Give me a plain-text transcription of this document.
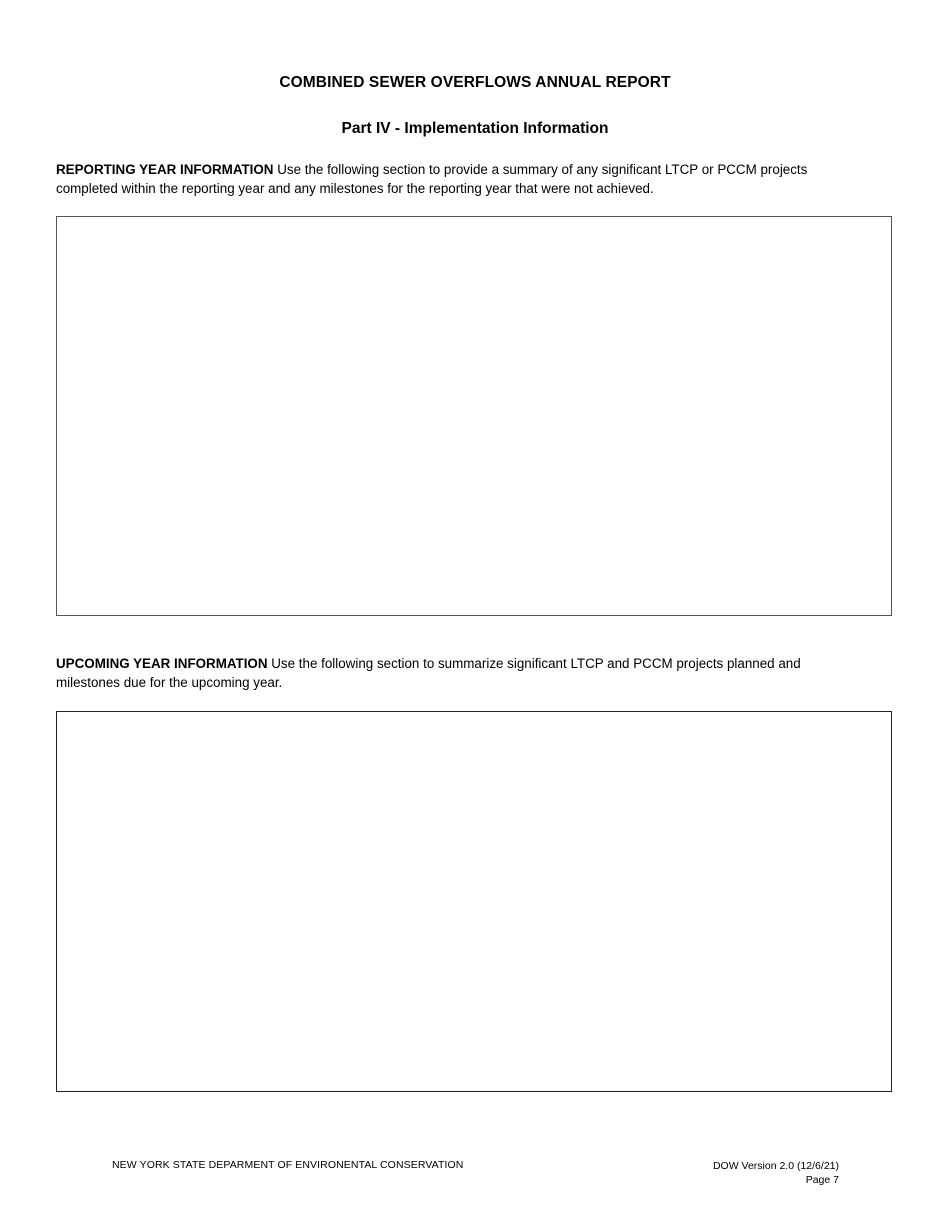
COMBINED SEWER OVERFLOWS ANNUAL REPORT
Part IV - Implementation Information
REPORTING YEAR INFORMATION Use the following section to provide a summary of any significant LTCP or PCCM projects completed within the reporting year and any milestones for the reporting year that were not achieved.
UPCOMING YEAR INFORMATION Use the following section to summarize significant LTCP and PCCM projects planned and milestones due for the upcoming year.
NEW YORK STATE DEPARMENT OF ENVIRONENTAL CONSERVATION	DOW Version 2.0 (12/6/21)
Page 7
